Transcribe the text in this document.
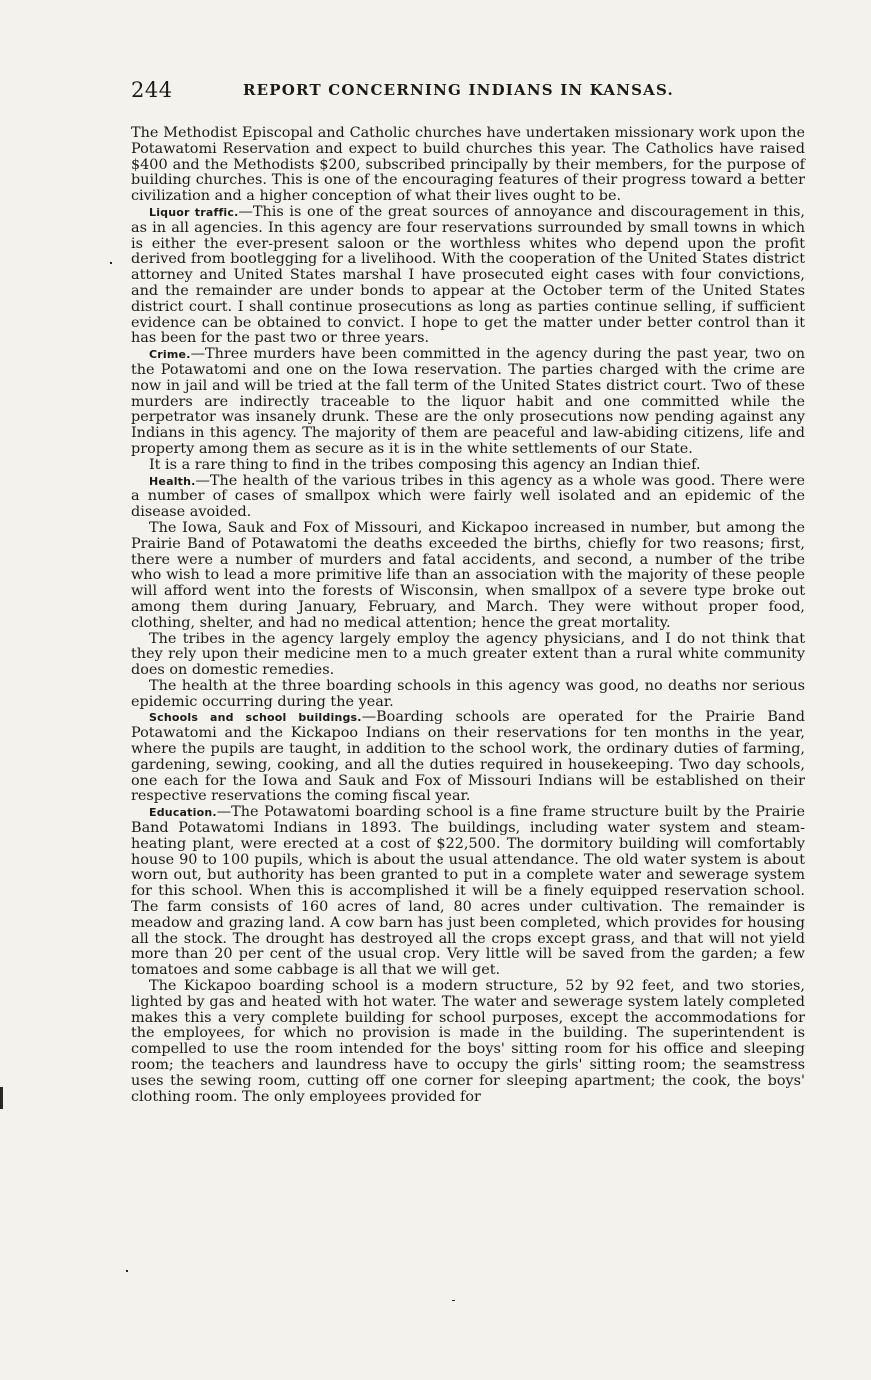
244	REPORT CONCERNING INDIANS IN KANSAS.

The Methodist Episcopal and Catholic churches have undertaken missionary work upon the Potawatomi Reservation and expect to build churches this year. The Catholics have raised $400 and the Methodists $200, subscribed principally by their members, for the purpose of building churches. This is one of the encouraging features of their progress toward a better civilization and a higher conception of what their lives ought to be.

Liquor traffic.—This is one of the great sources of annoyance and discouragement in this, as in all agencies. In this agency are four reservations surrounded by small towns in which is either the ever-present saloon or the worthless whites who depend upon the profit derived from bootlegging for a livelihood. With the cooperation of the United States district attorney and United States marshal I have prosecuted eight cases with four convictions, and the remainder are under bonds to appear at the October term of the United States district court. I shall continue prosecutions as long as parties continue selling, if sufficient evidence can be obtained to convict. I hope to get the matter under better control than it has been for the past two or three years.

Crime.—Three murders have been committed in the agency during the past year, two on the Potawatomi and one on the Iowa reservation. The parties charged with the crime are now in jail and will be tried at the fall term of the United States district court. Two of these murders are indirectly traceable to the liquor habit and one committed while the perpetrator was insanely drunk. These are the only prosecutions now pending against any Indians in this agency. The majority of them are peaceful and law-abiding citizens, life and property among them as secure as it is in the white settlements of our State.

It is a rare thing to find in the tribes composing this agency an Indian thief.

Health.—The health of the various tribes in this agency as a whole was good. There were a number of cases of smallpox which were fairly well isolated and an epidemic of the disease avoided.

The Iowa, Sauk and Fox of Missouri, and Kickapoo increased in number, but among the Prairie Band of Potawatomi the deaths exceeded the births, chiefly for two reasons; first, there were a number of murders and fatal accidents, and second, a number of the tribe who wish to lead a more primitive life than an association with the majority of these people will afford went into the forests of Wisconsin, when smallpox of a severe type broke out among them during January, February, and March. They were without proper food, clothing, shelter, and had no medical attention; hence the great mortality.

The tribes in the agency largely employ the agency physicians, and I do not think that they rely upon their medicine men to a much greater extent than a rural white community does on domestic remedies.

The health at the three boarding schools in this agency was good, no deaths nor serious epidemic occurring during the year.

Schools and school buildings.—Boarding schools are operated for the Prairie Band Potawatomi and the Kickapoo Indians on their reservations for ten months in the year, where the pupils are taught, in addition to the school work, the ordinary duties of farming, gardening, sewing, cooking, and all the duties required in housekeeping. Two day schools, one each for the Iowa and Sauk and Fox of Missouri Indians will be established on their respective reservations the coming fiscal year.

Education.—The Potawatomi boarding school is a fine frame structure built by the Prairie Band Potawatomi Indians in 1893. The buildings, including water system and steam-heating plant, were erected at a cost of $22,500. The dormitory building will comfortably house 90 to 100 pupils, which is about the usual attendance. The old water system is about worn out, but authority has been granted to put in a complete water and sewerage system for this school. When this is accomplished it will be a finely equipped reservation school. The farm consists of 160 acres of land, 80 acres under cultivation. The remainder is meadow and grazing land. A cow barn has just been completed, which provides for housing all the stock. The drought has destroyed all the crops except grass, and that will not yield more than 20 per cent of the usual crop. Very little will be saved from the garden; a few tomatoes and some cabbage is all that we will get.

The Kickapoo boarding school is a modern structure, 52 by 92 feet, and two stories, lighted by gas and heated with hot water. The water and sewerage system lately completed makes this a very complete building for school purposes, except the accommodations for the employees, for which no provision is made in the building. The superintendent is compelled to use the room intended for the boys' sitting room for his office and sleeping room; the teachers and laundress have to occupy the girls' sitting room; the seamstress uses the sewing room, cutting off one corner for sleeping apartment; the cook, the boys' clothing room. The only employees provided for
